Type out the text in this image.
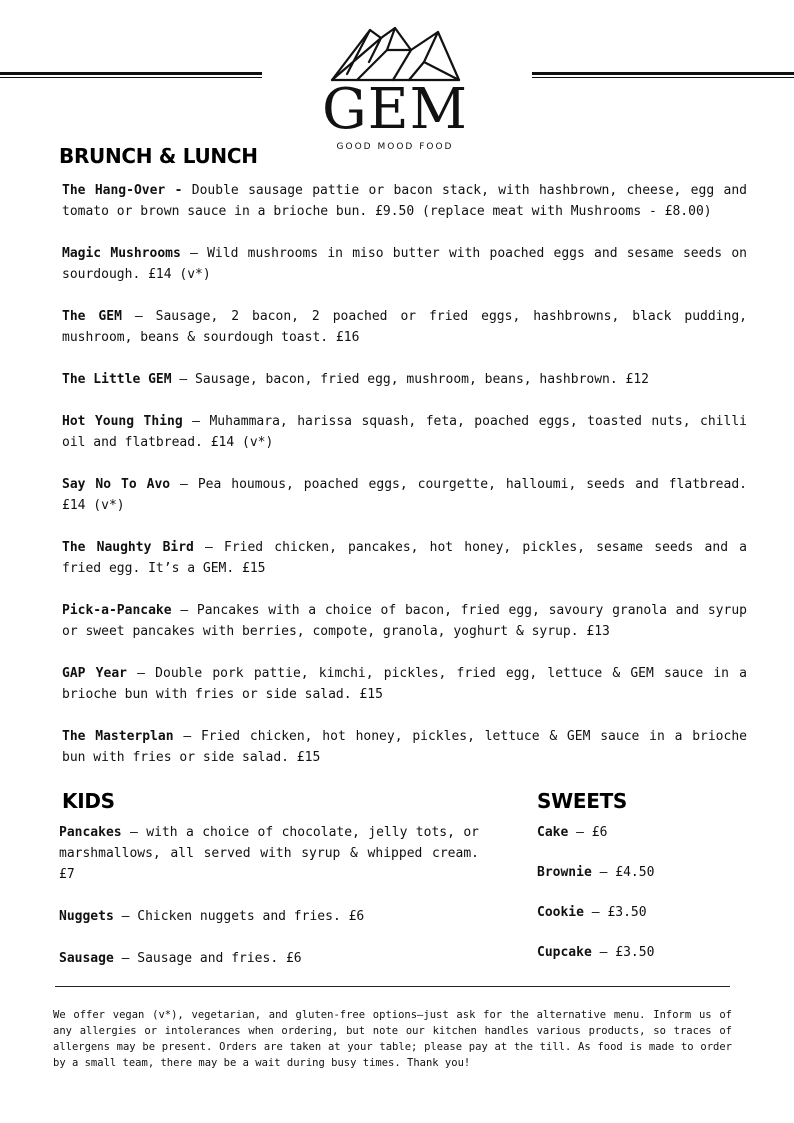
GEM
GOOD MOOD FOOD
BRUNCH & LUNCH
The Hang-Over - Double sausage pattie or bacon stack, with hashbrown, cheese, egg and tomato or brown sauce in a brioche bun. £9.50 (replace meat with Mushrooms - £8.00)
Magic Mushrooms – Wild mushrooms in miso butter with poached eggs and sesame seeds on sourdough. £14 (v*)
The GEM – Sausage, 2 bacon, 2 poached or fried eggs, hashbrowns, black pudding, mushroom, beans & sourdough toast. £16
The Little GEM – Sausage, bacon, fried egg, mushroom, beans, hashbrown. £12
Hot Young Thing – Muhammara, harissa squash, feta, poached eggs, toasted nuts, chilli oil and flatbread. £14 (v*)
Say No To Avo – Pea houmous, poached eggs, courgette, halloumi, seeds and flatbread. £14 (v*)
The Naughty Bird – Fried chicken, pancakes, hot honey, pickles, sesame seeds and a fried egg. It’s a GEM. £15
Pick-a-Pancake – Pancakes with a choice of bacon, fried egg, savoury granola and syrup or sweet pancakes with berries, compote, granola, yoghurt & syrup. £13
GAP Year – Double pork pattie, kimchi, pickles, fried egg, lettuce & GEM sauce in a brioche bun with fries or side salad. £15
The Masterplan – Fried chicken, hot honey, pickles, lettuce & GEM sauce in a brioche bun with fries or side salad. £15
KIDS
Pancakes – with a choice of chocolate, jelly tots, or marshmallows, all served with syrup & whipped cream. £7
Nuggets – Chicken nuggets and fries. £6
Sausage – Sausage and fries. £6
SWEETS
Cake – £6
Brownie – £4.50
Cookie – £3.50
Cupcake – £3.50

We offer vegan (v*), vegetarian, and gluten-free options—just ask for the alternative menu. Inform us of any allergies or intolerances when ordering, but note our kitchen handles various products, so traces of allergens may be present. Orders are taken at your table; please pay at the till. As food is made to order by a small team, there may be a wait during busy times. Thank you!
